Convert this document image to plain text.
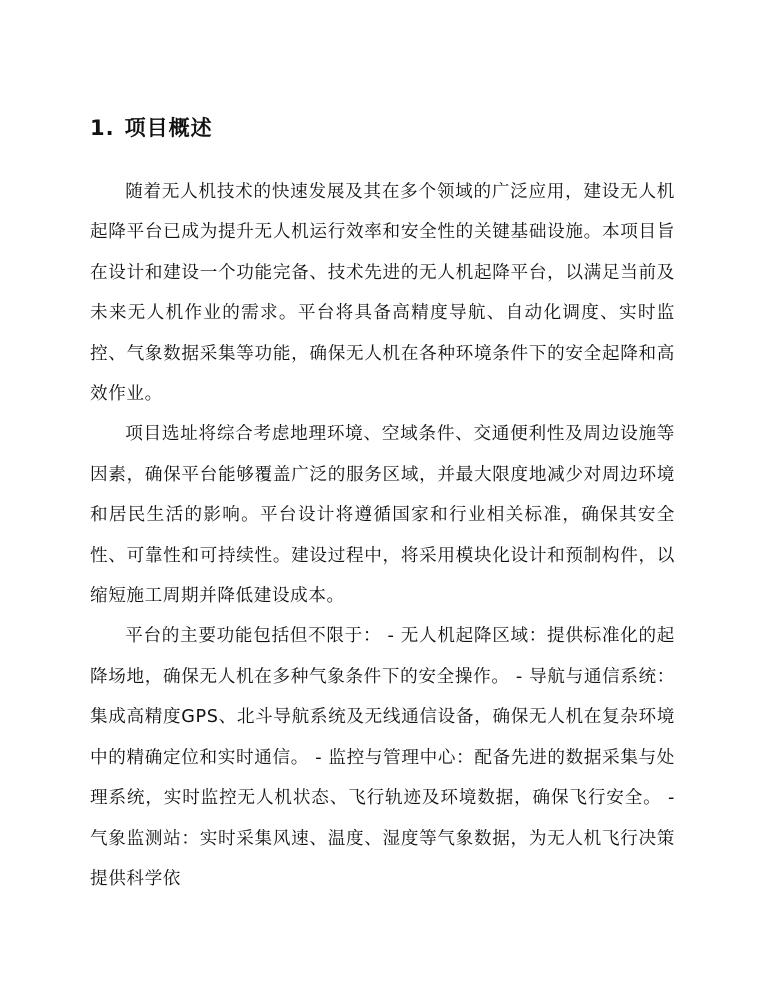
1. 项目概述

随着无人机技术的快速发展及其在多个领域的广泛应用，建设无人机起降平台已成为提升无人机运行效率和安全性的关键基础设施。本项目旨在设计和建设一个功能完备、技术先进的无人机起降平台，以满足当前及未来无人机作业的需求。平台将具备高精度导航、自动化调度、实时监控、气象数据采集等功能，确保无人机在各种环境条件下的安全起降和高效作业。

项目选址将综合考虑地理环境、空域条件、交通便利性及周边设施等因素，确保平台能够覆盖广泛的服务区域，并最大限度地减少对周边环境和居民生活的影响。平台设计将遵循国家和行业相关标准，确保其安全性、可靠性和可持续性。建设过程中，将采用模块化设计和预制构件，以缩短施工周期并降低建设成本。

平台的主要功能包括但不限于： - 无人机起降区域：提供标准化的起降场地，确保无人机在多种气象条件下的安全操作。 - 导航与通信系统：集成高精度GPS、北斗导航系统及无线通信设备，确保无人机在复杂环境中的精确定位和实时通信。 - 监控与管理中心：配备先进的数据采集与处理系统，实时监控无人机状态、飞行轨迹及环境数据，确保飞行安全。 - 气象监测站：实时采集风速、温度、湿度等气象数据，为无人机飞行决策提供科学依
